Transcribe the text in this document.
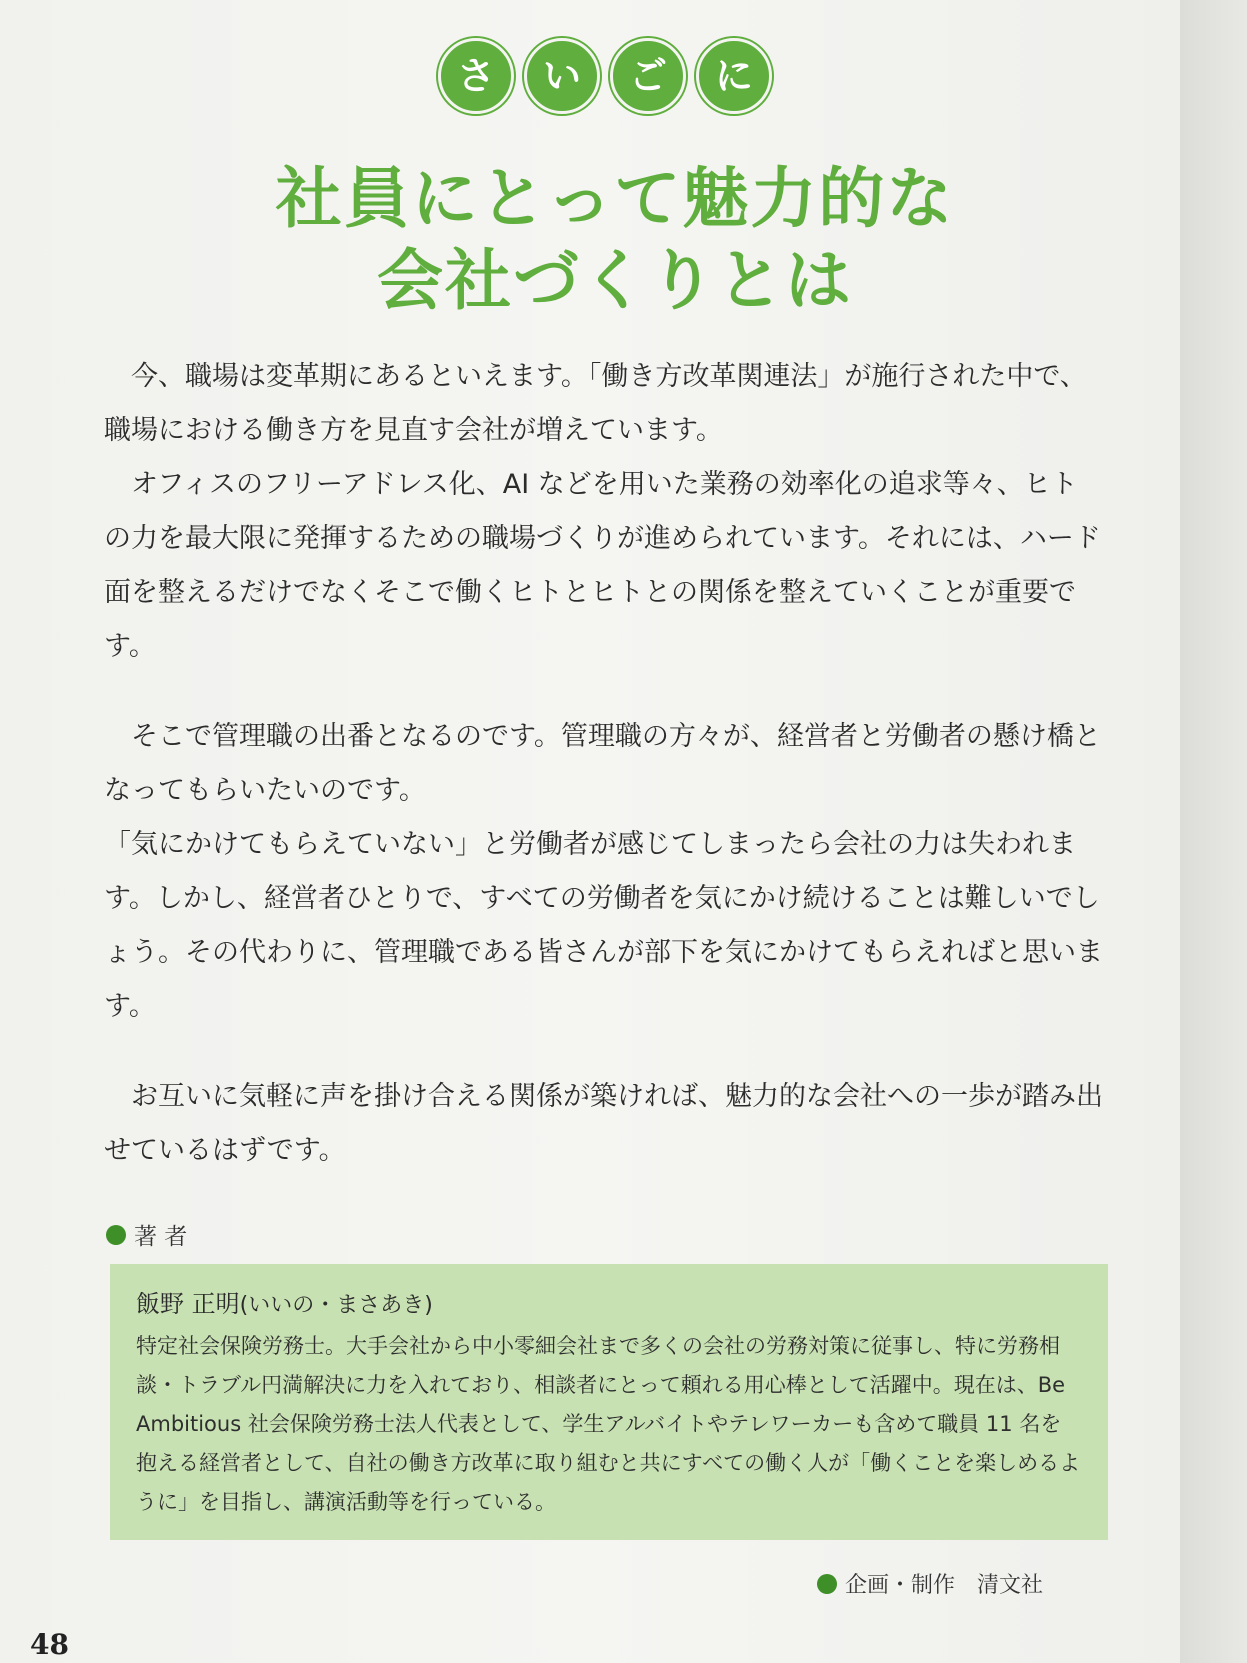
さ	い	ご	に
社員にとって魅力的な
会社づくりとは

今、職場は変革期にあるといえます。「働き方改革関連法」が施行された中で、職場における働き方を見直す会社が増えています。

オフィスのフリーアドレス化、AI などを用いた業務の効率化の追求等々、ヒトの力を最大限に発揮するための職場づくりが進められています。それには、ハード面を整えるだけでなくそこで働くヒトとヒトとの関係を整えていくことが重要です。

そこで管理職の出番となるのです。管理職の方々が、経営者と労働者の懸け橋となってもらいたいのです。

「気にかけてもらえていない」と労働者が感じてしまったら会社の力は失われます。しかし、経営者ひとりで、すべての労働者を気にかけ続けることは難しいでしょう。その代わりに、管理職である皆さんが部下を気にかけてもらえればと思います。

お互いに気軽に声を掛け合える関係が築ければ、魅力的な会社への一歩が踏み出せているはずです。

著 者
飯野 正明(いいの・まさあき)

特定社会保険労務士。大手会社から中小零細会社まで多くの会社の労務対策に従事し、特に労務相談・トラブル円満解決に力を入れており、相談者にとって頼れる用心棒として活躍中。現在は、Be Ambitious 社会保険労務士法人代表として、学生アルバイトやテレワーカーも含めて職員 11 名を抱える経営者として、自社の働き方改革に取り組むと共にすべての働く人が「働くことを楽しめるように」を目指し、講演活動等を行っている。

企画・制作　清文社
48
